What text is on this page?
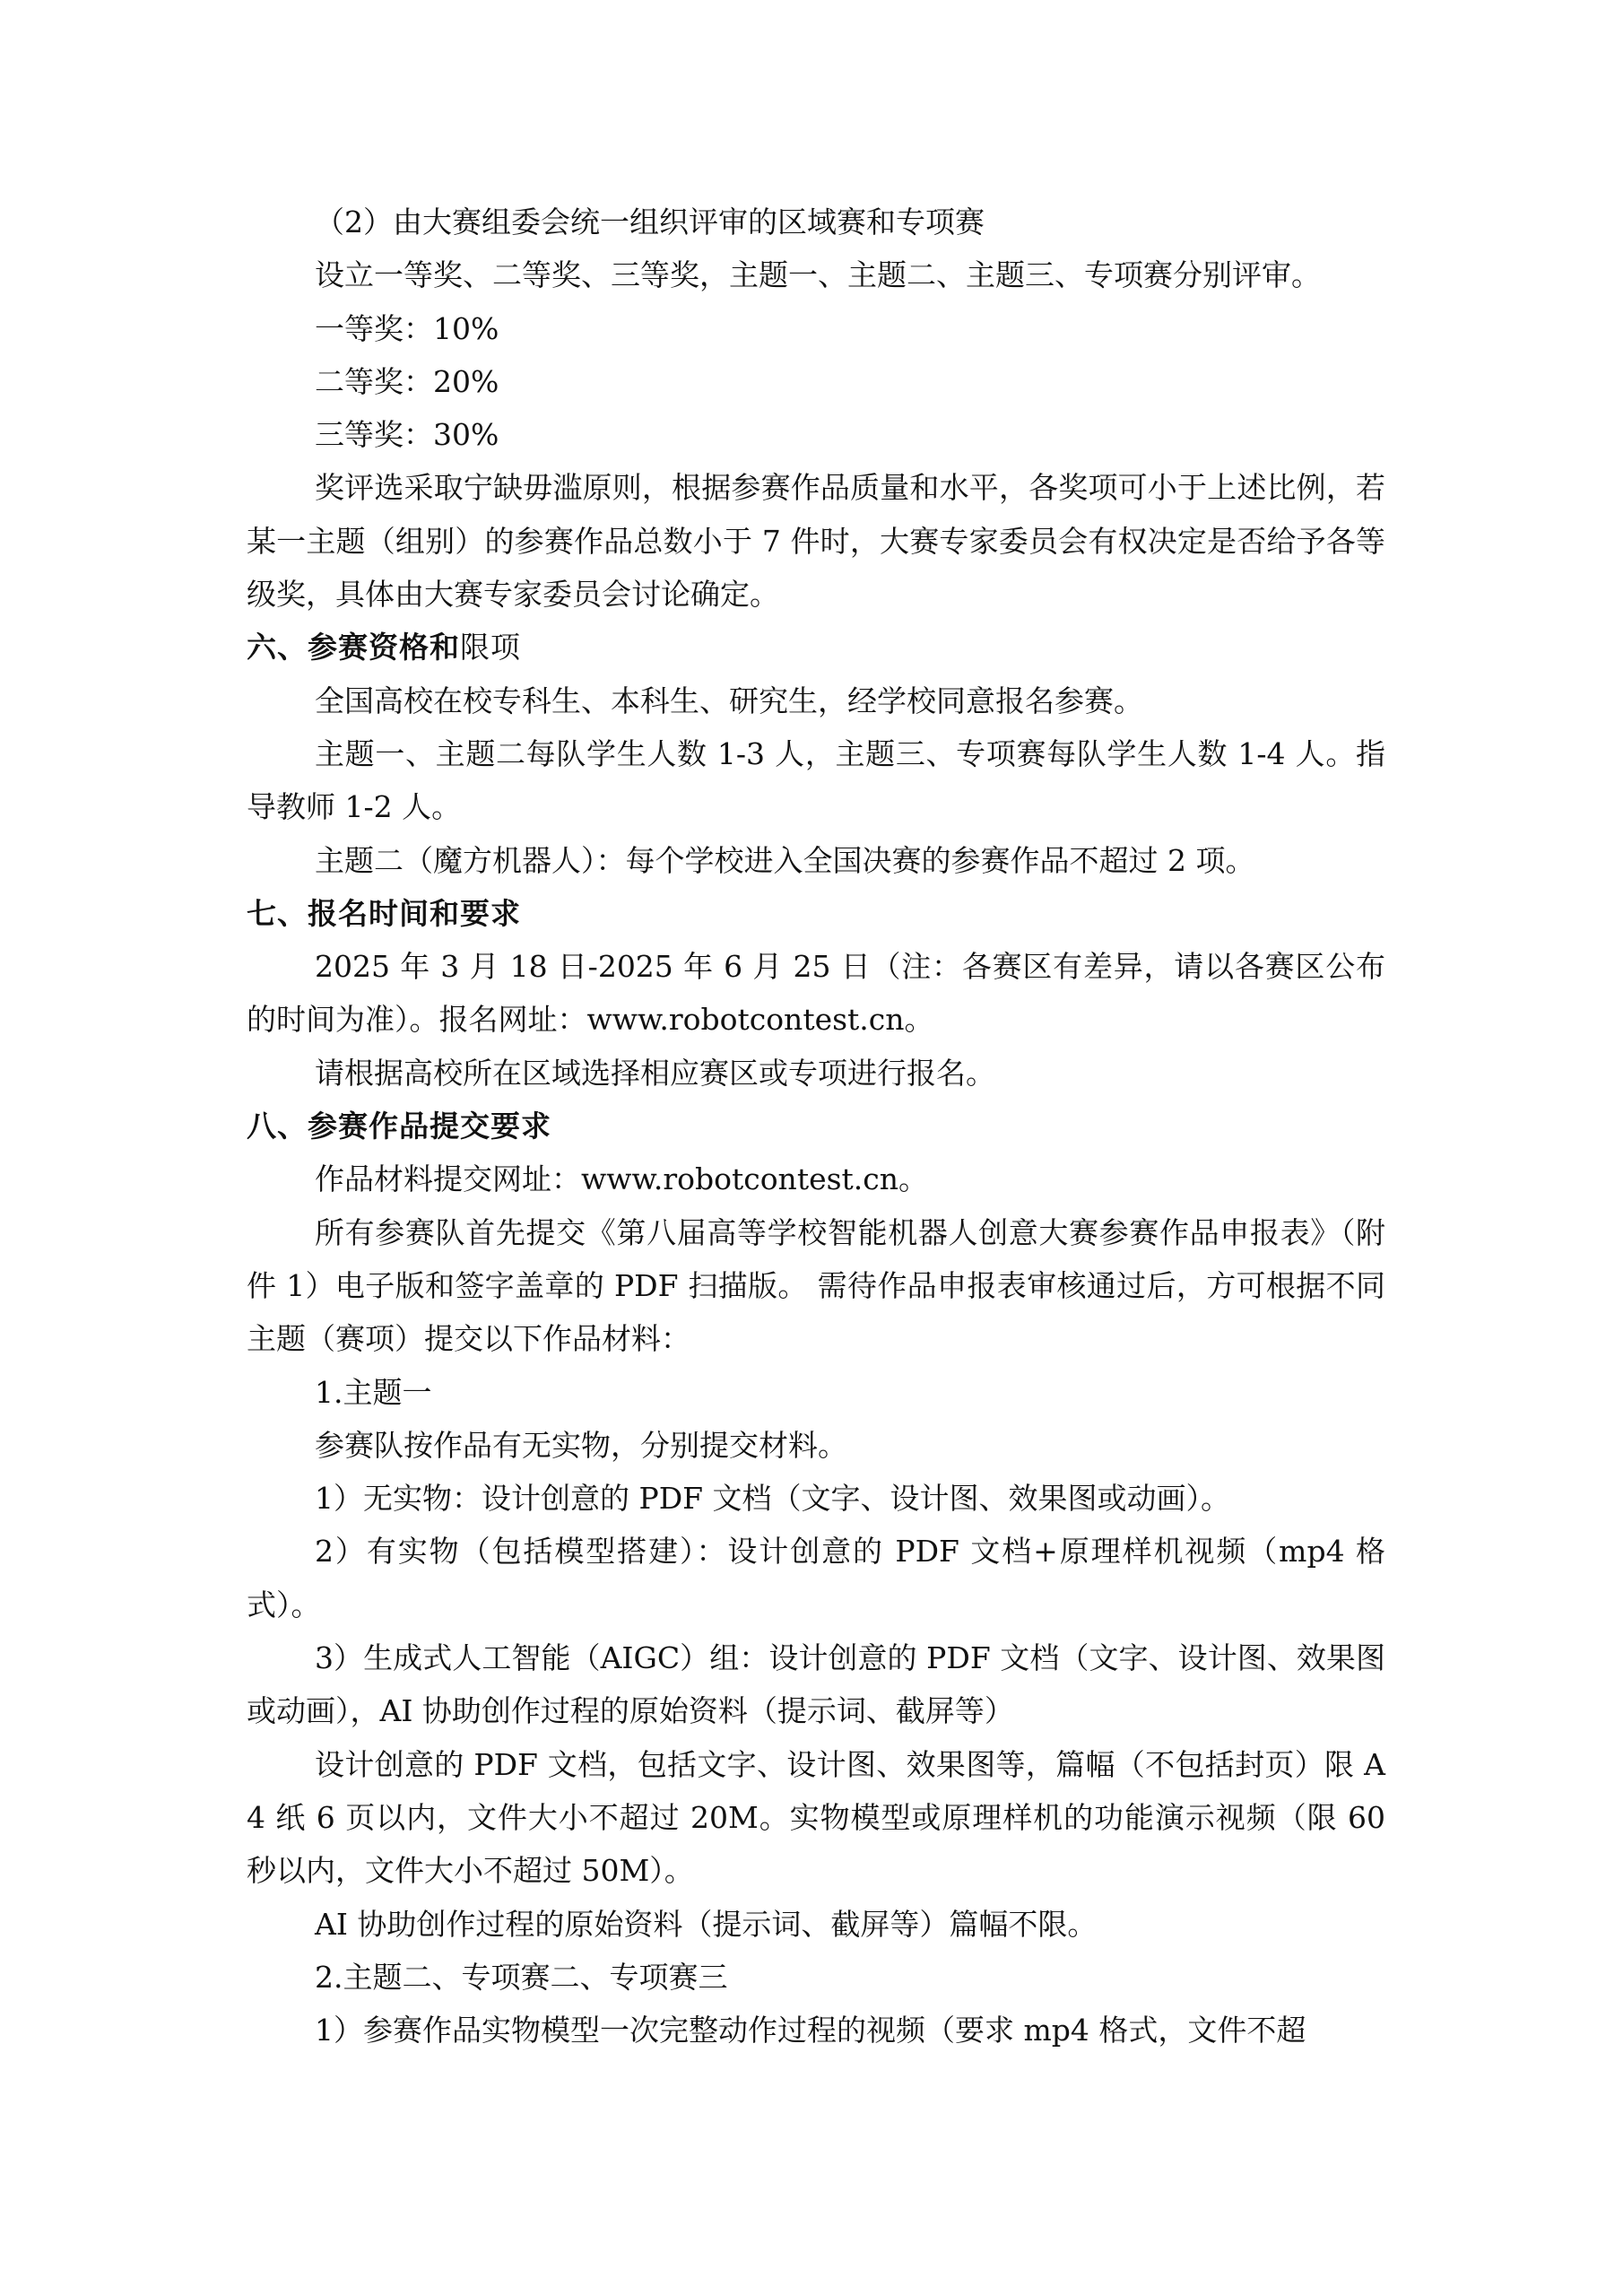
（2）由大赛组委会统一组织评审的区域赛和专项赛

设立一等奖、二等奖、三等奖，主题一、主题二、主题三、专项赛分别评审。

一等奖：10%

二等奖：20%

三等奖：30%

奖评选采取宁缺毋滥原则，根据参赛作品质量和水平，各奖项可小于上述比例，若某一主题（组别）的参赛作品总数小于 7 件时，大赛专家委员会有权决定是否给予各等级奖，具体由大赛专家委员会讨论确定。

六、参赛资格和限项

全国高校在校专科生、本科生、研究生，经学校同意报名参赛。

主题一、主题二每队学生人数 1-3 人，主题三、专项赛每队学生人数 1-4 人。指导教师 1-2 人。

主题二（魔方机器人）：每个学校进入全国决赛的参赛作品不超过 2 项。

七、报名时间和要求

2025 年 3 月 18 日-2025 年 6 月 25 日（注：各赛区有差异，请以各赛区公布的时间为准）。报名网址：www.robotcontest.cn。

请根据高校所在区域选择相应赛区或专项进行报名。

八、参赛作品提交要求

作品材料提交网址：www.robotcontest.cn。

所有参赛队首先提交《第八届高等学校智能机器人创意大赛参赛作品申报表》（附件 1）电子版和签字盖章的 PDF 扫描版。 需待作品申报表审核通过后，方可根据不同主题（赛项）提交以下作品材料：

1.主题一

参赛队按作品有无实物，分别提交材料。

1）无实物：设计创意的 PDF 文档（文字、设计图、效果图或动画）。

2）有实物（包括模型搭建）：设计创意的 PDF 文档+原理样机视频（mp4 格式）。

3）生成式人工智能（AIGC）组：设计创意的 PDF 文档（文字、设计图、效果图或动画），AI 协助创作过程的原始资料（提示词、截屏等）

设计创意的 PDF 文档，包括文字、设计图、效果图等，篇幅（不包括封页）限 A4 纸 6 页以内，文件大小不超过 20M。实物模型或原理样机的功能演示视频（限 60 秒以内，文件大小不超过 50M）。

AI 协助创作过程的原始资料（提示词、截屏等）篇幅不限。

2.主题二、专项赛二、专项赛三

1）参赛作品实物模型一次完整动作过程的视频（要求 mp4 格式，文件不超
